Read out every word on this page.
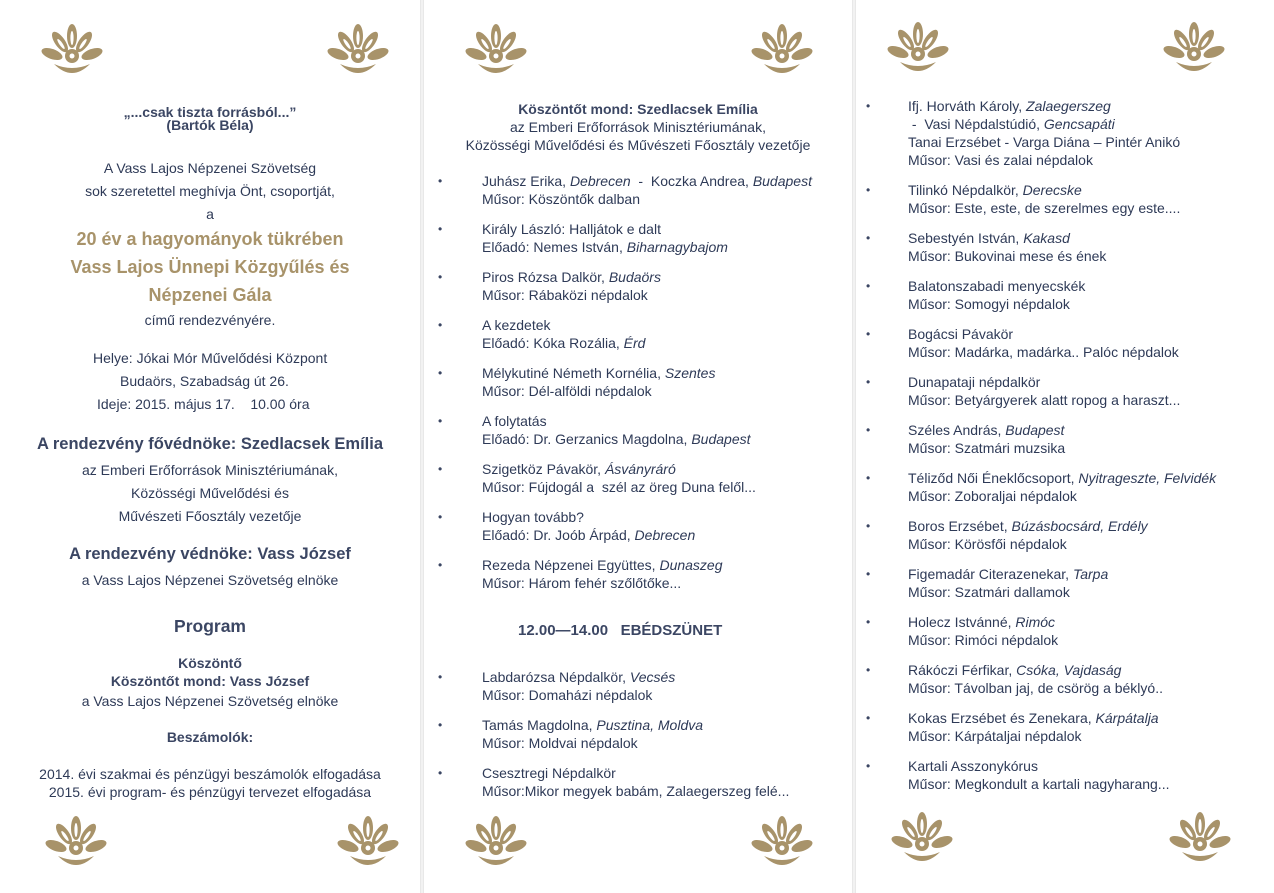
„...csak tiszta forrásból...”
(Bartók Béla)
A Vass Lajos Népzenei Szövetség
sok szeretettel meghívja Önt, csoportját,
a
20 év a hagyományok tükrében
Vass Lajos Ünnepi Közgyűlés és
Népzenei Gála
című rendezvényére.
Helye: Jókai Mór Művelődési Központ
Budaörs, Szabadság út 26.
Ideje: 2015. május 17.    10.00 óra
A rendezvény fővédnöke: Szedlacsek Emília
az Emberi Erőforrások Minisztériumának,
Közösségi Művelődési és
Művészeti Főosztály vezetője
A rendezvény védnöke: Vass József
a Vass Lajos Népzenei Szövetség elnöke
Program
Köszöntő
Köszöntőt mond: Vass József
a Vass Lajos Népzenei Szövetség elnöke
Beszámolók:
2014. évi szakmai és pénzügyi beszámolók elfogadása
2015. évi program- és pénzügyi tervezet elfogadása
Köszöntőt mond: Szedlacsek Emília
az Emberi Erőforrások Minisztériumának,
Közösségi Művelődési és Művészeti Főosztály vezetője
•	Juhász Erika, Debrecen  -  Koczka Andrea, Budapest
Műsor: Köszöntők dalban
•	Király László: Halljátok e dalt
Előadó: Nemes István, Biharnagybajom
•	Piros Rózsa Dalkör, Budaörs
Műsor: Rábaközi népdalok
•	A kezdetek
Előadó: Kóka Rozália, Érd
•	Mélykutiné Németh Kornélia, Szentes
Műsor: Dél-alföldi népdalok
•	A folytatás
Előadó: Dr. Gerzanics Magdolna, Budapest
•	Szigetköz Pávakör, Ásványráró
Műsor: Fújdogál a  szél az öreg Duna felől...
•	Hogyan tovább?
Előadó: Dr. Joób Árpád, Debrecen
•	Rezeda Népzenei Együttes, Dunaszeg
Műsor: Három fehér szőlőtőke...
12.00—14.00   EBÉDSZÜNET
•	Labdarózsa Népdalkör, Vecsés
Műsor: Domaházi népdalok
•	Tamás Magdolna, Pusztina, Moldva
Műsor: Moldvai népdalok
•	Csesztregi Népdalkör
Műsor:Mikor megyek babám, Zalaegerszeg felé...
•	Ifj. Horváth Károly, Zalaegerszeg
-  Vasi Népdalstúdió, Gencsapáti
Tanai Erzsébet - Varga Diána – Pintér Anikó
Műsor: Vasi és zalai népdalok
•	Tilinkó Népdalkör, Derecske
Műsor: Este, este, de szerelmes egy este....
•	Sebestyén István, Kakasd
Műsor: Bukovinai mese és ének
•	Balatonszabadi menyecskék
Műsor: Somogyi népdalok
•	Bogácsi Pávakör
Műsor: Madárka, madárka.. Palóc népdalok
•	Dunapataji népdalkör
Műsor: Betyárgyerek alatt ropog a haraszt...
•	Széles András, Budapest
Műsor: Szatmári muzsika
•	Téliződ Női Éneklőcsoport, Nyitrageszte, Felvidék
Műsor: Zoboraljai népdalok
•	Boros Erzsébet, Búzásbocsárd, Erdély
Műsor: Körösfői népdalok
•	Figemadár Citerazenekar, Tarpa
Műsor: Szatmári dallamok
•	Holecz Istvánné, Rimóc
Műsor: Rimóci népdalok
•	Rákóczi Férfikar, Csóka, Vajdaság
Műsor: Távolban jaj, de csörög a béklyó..
•	Kokas Erzsébet és Zenekara, Kárpátalja
Műsor: Kárpátaljai népdalok
•	Kartali Asszonykórus
Műsor: Megkondult a kartali nagyharang...
